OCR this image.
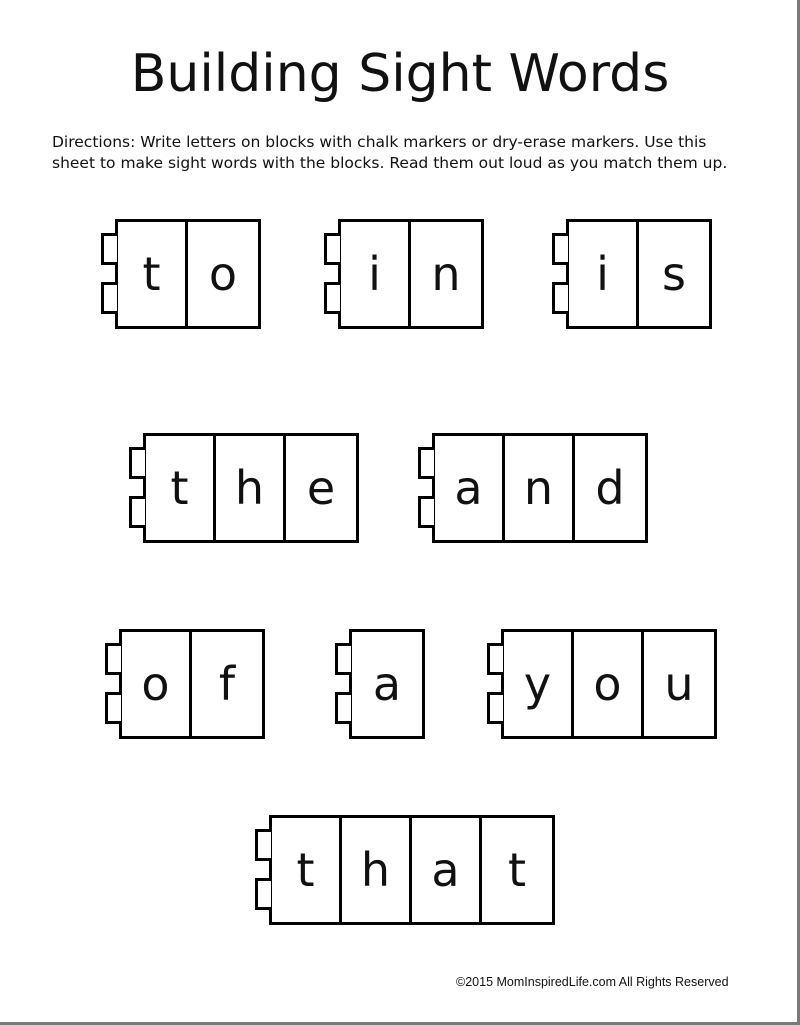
Building Sight Words
Directions: Write letters on blocks with chalk markers or dry-erase markers. Use this sheet to make sight words with the blocks. Read them out loud as you match them up.
t	o	i	n	i	s
t	h e	a n d
o	f	a	y o u
t	h a	t
©2015 MomInspiredLife.com All Rights Reserved
